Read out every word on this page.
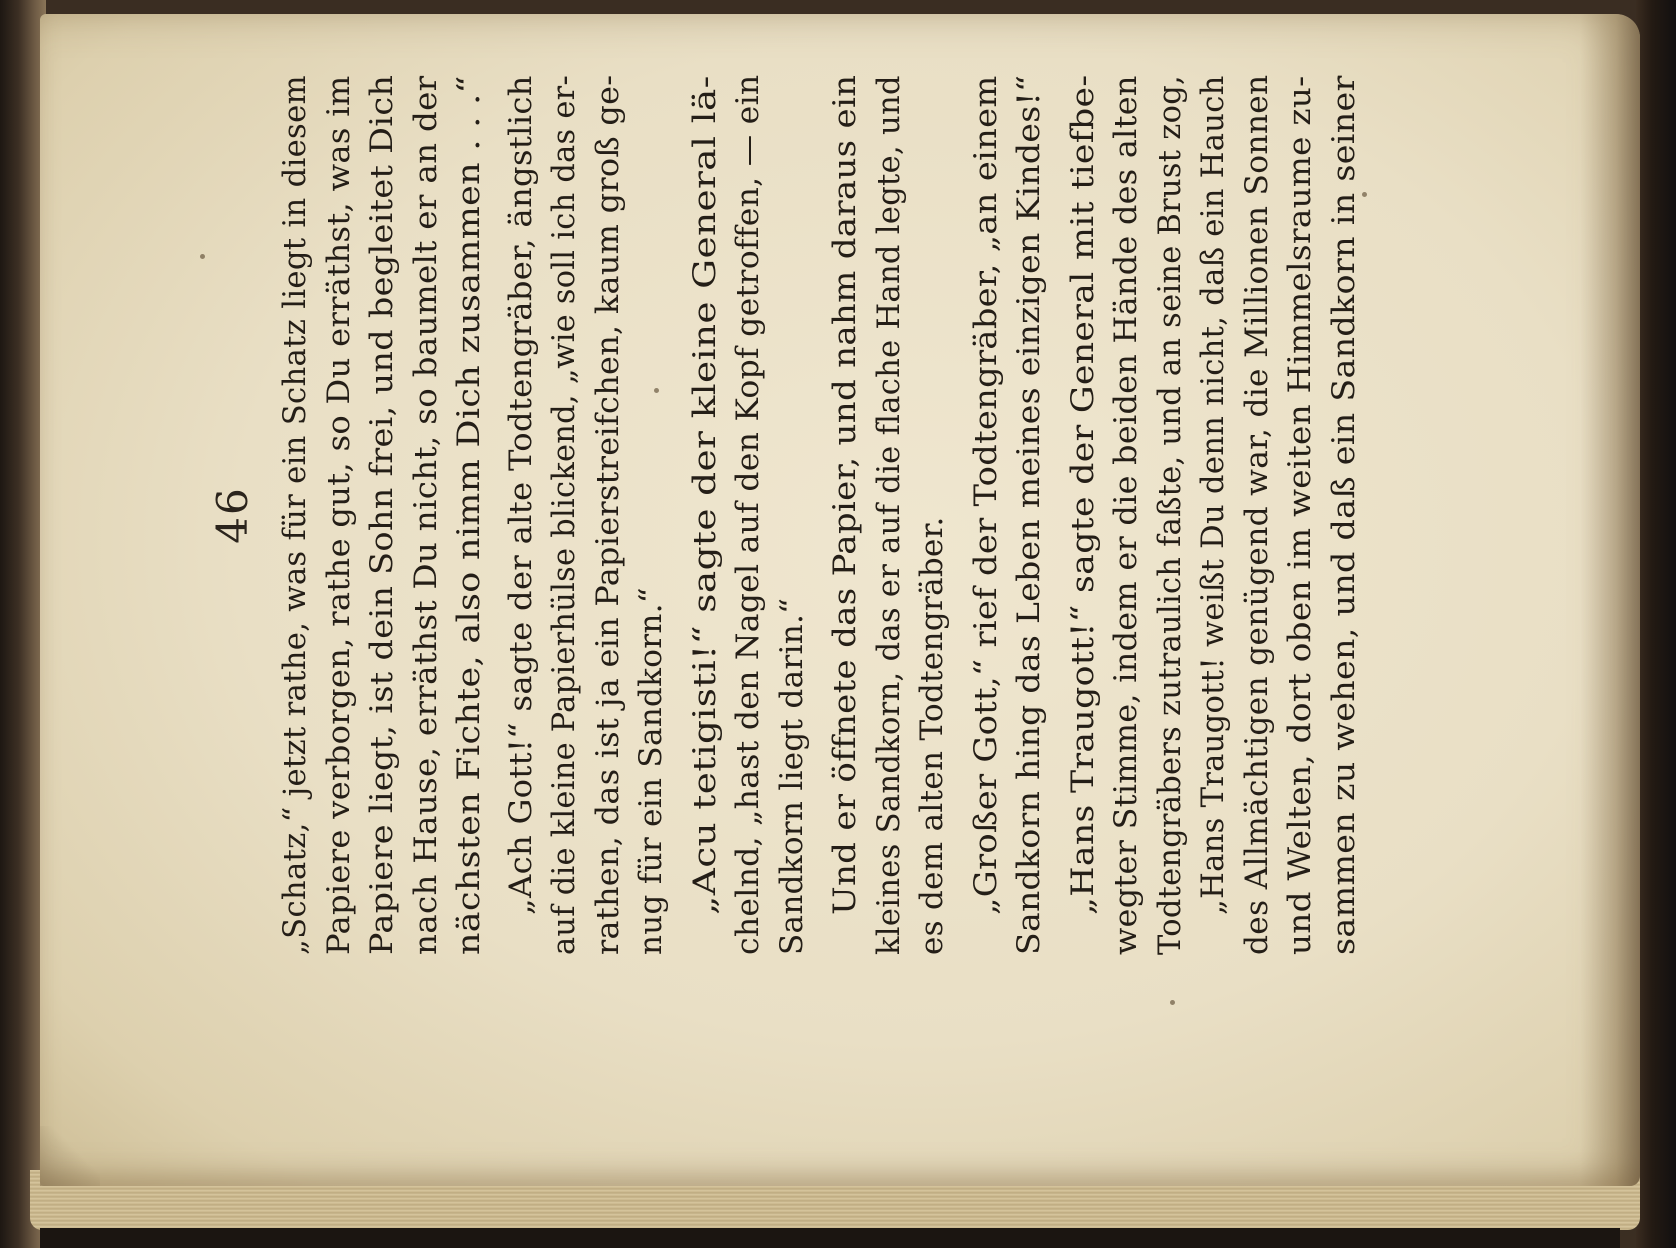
46 „Schatz,“ jetzt rathe, was für ein Schatz liegt in diesem Papiere verborgen, rathe gut, so Du erräthst, was im Papiere liegt, ist dein Sohn frei, und begleitet Dich nach Hause, erräthst Du nicht, so baumelt er an der nächsten Fichte, also nimm Dich zusammen . . .“ „Ach Gott!“ sagte der alte Todtengräber, ängstlich auf die kleine Papierhülse blickend, „wie soll ich das er- rathen, das ist ja ein Papierstreifchen, kaum groß ge- nug für ein Sandkorn.“ „Acu tetigisti!“ sagte der kleine General lä- chelnd, „hast den Nagel auf den Kopf getroffen, — ein Sandkorn liegt darin.“ Und er öffnete das Papier, und nahm daraus ein kleines Sandkorn, das er auf die flache Hand legte, und es dem alten Todtengräber. „Großer Gott,“ rief der Todtengräber, „an einem Sandkorn hing das Leben meines einzigen Kindes!“ „Hans Traugott!“ sagte der General mit tiefbe- wegter Stimme, indem er die beiden Hände des alten Todtengräbers zutraulich faßte, und an seine Brust zog, „Hans Traugott! weißt Du denn nicht, daß ein Hauch des Allmächtigen genügend war, die Millionen Sonnen und Welten, dort oben im weiten Himmelsraume zu- sammen zu wehen, und daß ein Sandkorn in seiner
